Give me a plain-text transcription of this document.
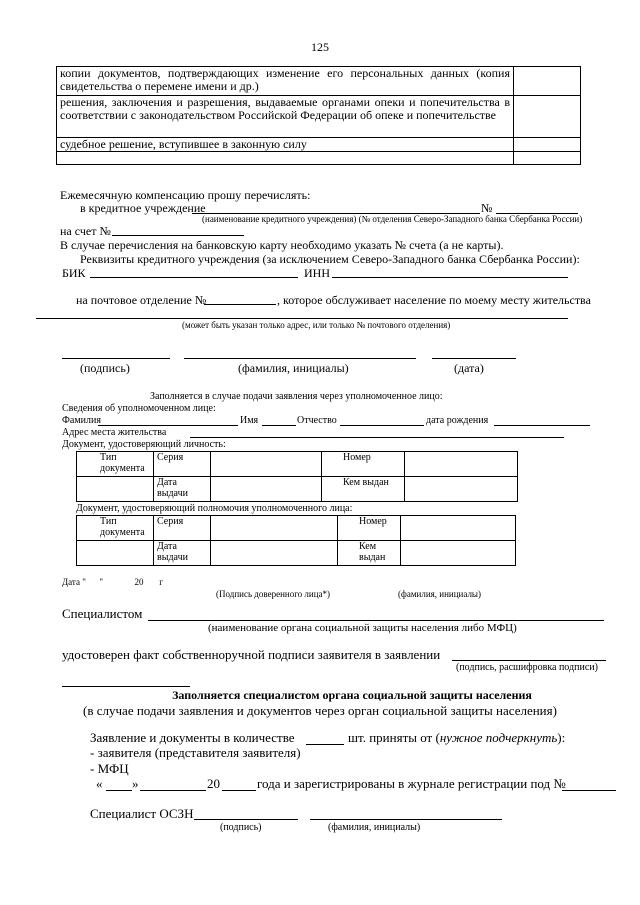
125
копии документов, подтверждающих изменение его персональных данных (копия свидетельства о перемене имени и др.)	
решения, заключения и разрешения, выдаваемые органами опеки и попечительства в соответствии с законодательством Российской Федерации об опеке и попечительстве	
судебное решение, вступившее в законную силу	

Ежемесячную компенсацию прошу перечислять:
в кредитное учреждение	№
(наименование кредитного учреждения) (№ отделения Северо-Западного банка Сбербанка России)
на счет №
В случае перечисления на банковскую карту необходимо указать № счета (а не карты).
Реквизиты кредитного учреждения (за исключением Северо-Западного банка Сбербанка России):
БИК	ИНН
на почтовое отделение №	, которое обслуживает население по моему месту жительства
(может быть указан только адрес, или только № почтового отделения)
(подпись)	(фамилия, инициалы)	(дата)
Заполняется в случае подачи заявления через уполномоченное лицо:
Сведения об уполномоченном лице:
Фамилия	Имя	Отчество	дата рождения
Адрес места жительства
Документ, удостоверяющий личность:
Тип документа	Серия		Номер	

	Дата выдачи		Кем выдан	
Документ, удостоверяющий полномочия уполномоченного лица:
Тип документа	Серия		Номер	

	Дата выдачи		Кем выдан	

Дата "      "              20       г
(Подпись доверенного лица*)	(фамилия, инициалы)
Специалистом
(наименование органа социальной защиты населения либо МФЦ)
удостоверен факт собственноручной подписи заявителя в заявлении
(подпись, расшифровка подписи)
Заполняется специалистом органа социальной защиты населения
(в случае подачи заявления и документов через орган социальной защиты населения)
Заявление и документы в количестве	шт. приняты от (нужное подчеркнуть):
- заявителя (представителя заявителя)
- МФЦ
« »	20	года и зарегистрированы в журнале регистрации под №
Специалист ОСЗН
(подпись)	(фамилия, инициалы)
